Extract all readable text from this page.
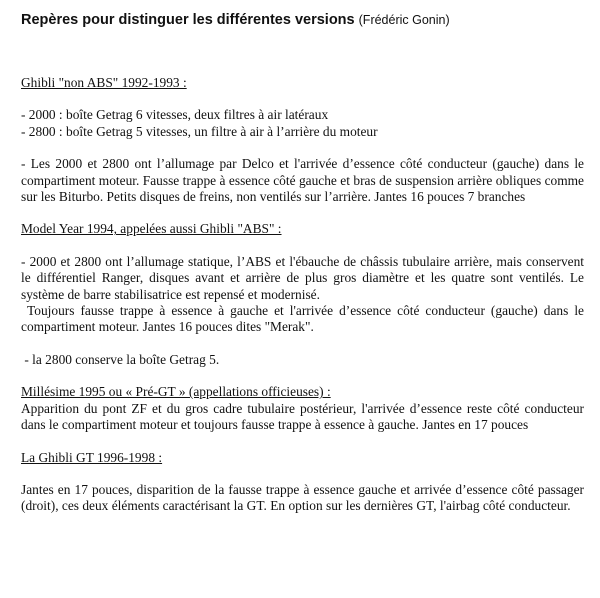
Repères pour distinguer les différentes versions (Frédéric Gonin)

Ghibli "non ABS" 1992-1993 :

- 2000 : boîte Getrag 6 vitesses, deux filtres à air latéraux

- 2800 : boîte Getrag 5 vitesses, un filtre à air à l’arrière du moteur

- Les 2000 et 2800 ont l’allumage par Delco et l'arrivée d’essence côté conducteur (gauche) dans le compartiment moteur. Fausse trappe à essence côté gauche et bras de suspension arrière obliques comme sur les Biturbo. Petits disques de freins, non ventilés sur l’arrière. Jantes 16 pouces 7 branches

Model Year 1994, appelées aussi Ghibli "ABS" :

- 2000 et 2800 ont l’allumage statique, l’ABS et l'ébauche de châssis tubulaire arrière, mais conservent le différentiel Ranger, disques avant et arrière de plus gros diamètre et les quatre sont ventilés. Le système de barre stabilisatrice est repensé et modernisé.

Toujours fausse trappe à essence à gauche et l'arrivée d’essence côté conducteur (gauche) dans le compartiment moteur. Jantes 16 pouces dites "Merak".

- la 2800 conserve la boîte Getrag 5.

Millésime 1995 ou « Pré-GT » (appellations officieuses) :

Apparition du pont ZF et du gros cadre tubulaire postérieur, l'arrivée d’essence reste côté conducteur dans le compartiment moteur et toujours fausse trappe à essence à gauche. Jantes en 17 pouces

La Ghibli GT 1996-1998 :

Jantes en 17 pouces, disparition de la fausse trappe à essence gauche et arrivée d’essence côté passager (droit), ces deux éléments caractérisant la GT. En option sur les dernières GT, l'airbag côté conducteur.
